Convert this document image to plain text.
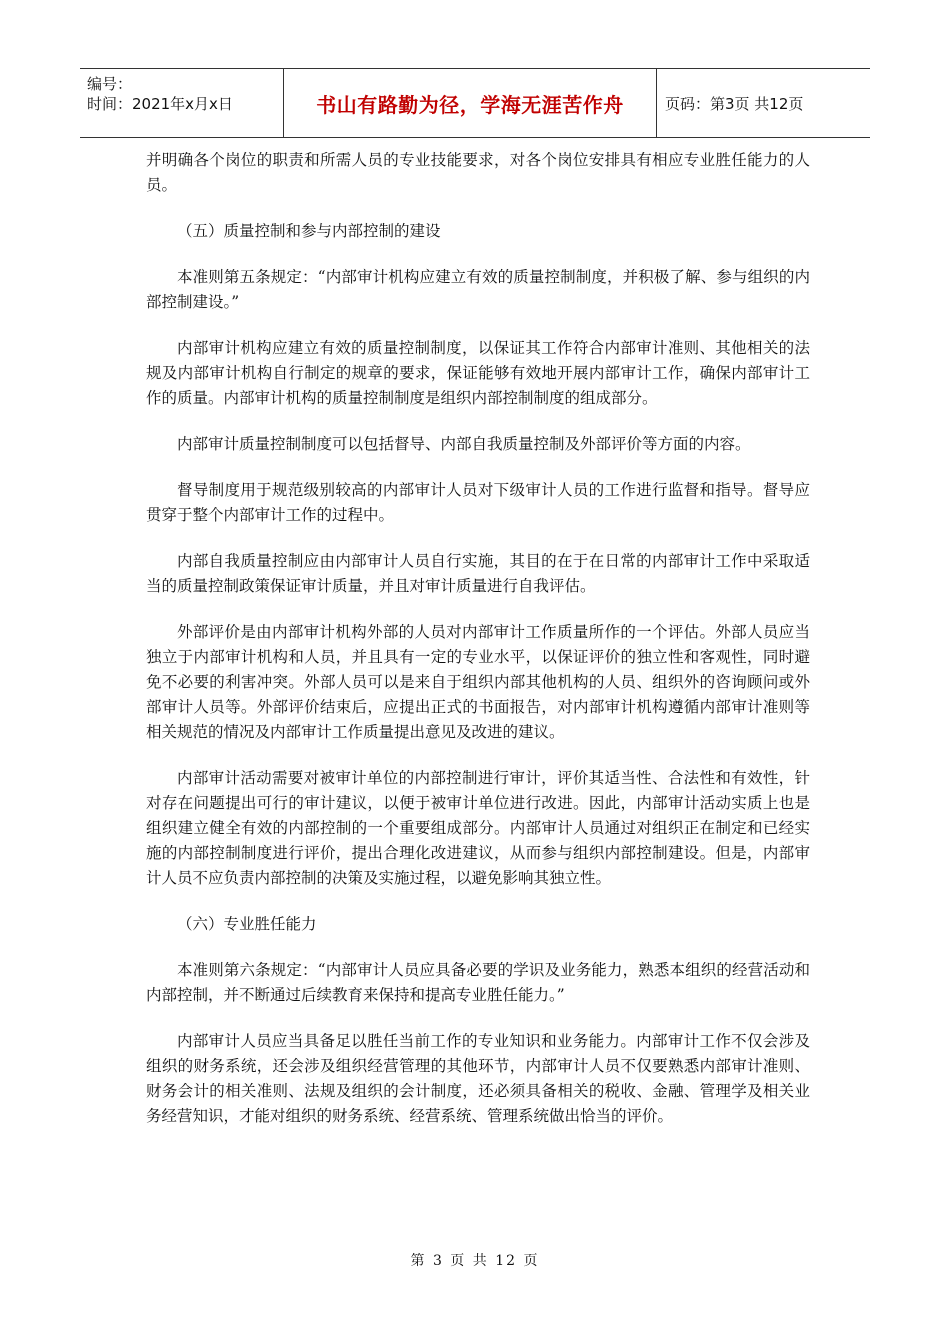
编号：
时间：2021年x月x日	书山有路勤为径，学海无涯苦作舟	页码：第3页 共12页

并明确各个岗位的职责和所需人员的专业技能要求，对各个岗位安排具有相应专业胜任能力的人员。

（五）质量控制和参与内部控制的建设

本准则第五条规定：“内部审计机构应建立有效的质量控制制度，并积极了解、参与组织的内部控制建设。”

内部审计机构应建立有效的质量控制制度，以保证其工作符合内部审计准则、其他相关的法规及内部审计机构自行制定的规章的要求，保证能够有效地开展内部审计工作，确保内部审计工作的质量。内部审计机构的质量控制制度是组织内部控制制度的组成部分。

内部审计质量控制制度可以包括督导、内部自我质量控制及外部评价等方面的内容。

督导制度用于规范级别较高的内部审计人员对下级审计人员的工作进行监督和指导。督导应贯穿于整个内部审计工作的过程中。

内部自我质量控制应由内部审计人员自行实施，其目的在于在日常的内部审计工作中采取适当的质量控制政策保证审计质量，并且对审计质量进行自我评估。

外部评价是由内部审计机构外部的人员对内部审计工作质量所作的一个评估。外部人员应当独立于内部审计机构和人员，并且具有一定的专业水平，以保证评价的独立性和客观性，同时避免不必要的利害冲突。外部人员可以是来自于组织内部其他机构的人员、组织外的咨询顾问或外部审计人员等。外部评价结束后，应提出正式的书面报告，对内部审计机构遵循内部审计准则等相关规范的情况及内部审计工作质量提出意见及改进的建议。

内部审计活动需要对被审计单位的内部控制进行审计，评价其适当性、合法性和有效性，针对存在问题提出可行的审计建议，以便于被审计单位进行改进。因此，内部审计活动实质上也是组织建立健全有效的内部控制的一个重要组成部分。内部审计人员通过对组织正在制定和已经实施的内部控制制度进行评价，提出合理化改进建议，从而参与组织内部控制建设。但是，内部审计人员不应负责内部控制的决策及实施过程，以避免影响其独立性。

（六）专业胜任能力

本准则第六条规定：“内部审计人员应具备必要的学识及业务能力，熟悉本组织的经营活动和内部控制，并不断通过后续教育来保持和提高专业胜任能力。”

内部审计人员应当具备足以胜任当前工作的专业知识和业务能力。内部审计工作不仅会涉及组织的财务系统，还会涉及组织经营管理的其他环节，内部审计人员不仅要熟悉内部审计准则、财务会计的相关准则、法规及组织的会计制度，还必须具备相关的税收、金融、管理学及相关业务经营知识，才能对组织的财务系统、经营系统、管理系统做出恰当的评价。

第 3 页 共 12 页
